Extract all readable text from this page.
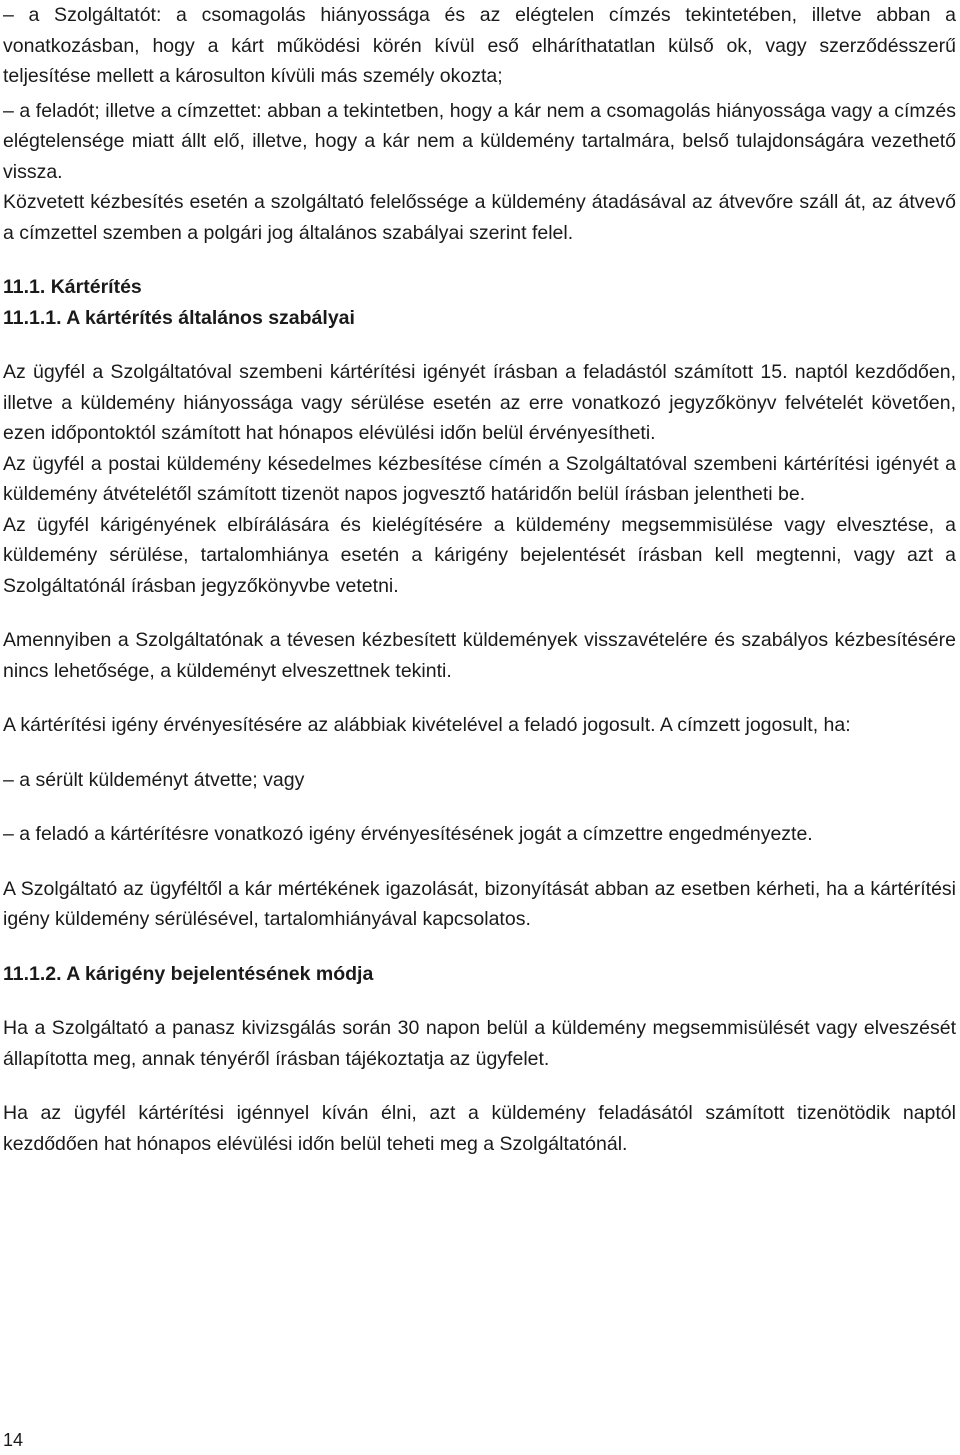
– a Szolgáltatót: a csomagolás hiányossága és az elégtelen címzés tekintetében, illetve abban a vonatkozásban, hogy a kárt működési körén kívül eső elháríthatatlan külső ok, vagy szerződésszerű teljesítése mellett a károsulton kívüli más személy okozta;

– a feladót; illetve a címzettet: abban a tekintetben, hogy a kár nem a csomagolás hiányossága vagy a címzés elégtelensége miatt állt elő, illetve, hogy a kár nem a küldemény tartalmára, belső tulajdonságára vezethető vissza.

Közvetett kézbesítés esetén a szolgáltató felelőssége a küldemény átadásával az átvevőre száll át, az átvevő a címzettel szemben a polgári jog általános szabályai szerint felel.

11.1. Kártérítés

11.1.1. A kártérítés általános szabályai

Az ügyfél a Szolgáltatóval szembeni kártérítési igényét írásban a feladástól számított 15. naptól kezdődően, illetve a küldemény hiányossága vagy sérülése esetén az erre vonatkozó jegyzőkönyv felvételét követően, ezen időpontoktól számított hat hónapos elévülési időn belül érvényesítheti.

Az ügyfél a postai küldemény késedelmes kézbesítése címén a Szolgáltatóval szembeni kártérítési igényét a küldemény átvételétől számított tizenöt napos jogvesztő határidőn belül írásban jelentheti be.

Az ügyfél kárigényének elbírálására és kielégítésére a küldemény megsemmisülése vagy elvesztése, a küldemény sérülése, tartalomhiánya esetén a kárigény bejelentését írásban kell megtenni, vagy azt a Szolgáltatónál írásban jegyzőkönyvbe vetetni.

Amennyiben a Szolgáltatónak a tévesen kézbesített küldemények visszavételére és szabályos kézbesítésére nincs lehetősége, a küldeményt elveszettnek tekinti.

A kártérítési igény érvényesítésére az alábbiak kivételével a feladó jogosult. A címzett jogosult, ha:

– a sérült küldeményt átvette; vagy

– a feladó a kártérítésre vonatkozó igény érvényesítésének jogát a címzettre engedményezte.

A Szolgáltató az ügyféltől a kár mértékének igazolását, bizonyítását abban az esetben kérheti, ha a kártérítési igény küldemény sérülésével, tartalomhiányával kapcsolatos.

11.1.2. A kárigény bejelentésének módja

Ha a Szolgáltató a panasz kivizsgálás során 30 napon belül a küldemény megsemmisülését vagy elveszését állapította meg, annak tényéről írásban tájékoztatja az ügyfelet.

Ha az ügyfél kártérítési igénnyel kíván élni, azt a küldemény feladásától számított tizenötödik naptól kezdődően hat hónapos elévülési időn belül teheti meg a Szolgáltatónál.

14
